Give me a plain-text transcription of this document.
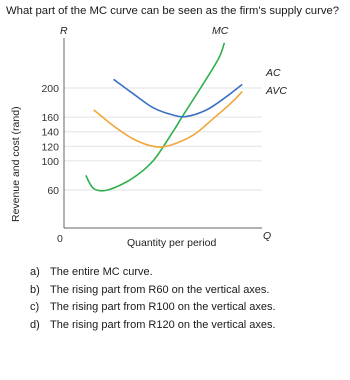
What part of the MC curve can be seen as the firm's supply curve?
200
160
140
120
100
60
MC
AC
AVC
R
0	Q
Quantity per period
Revenue and cost (rand)
a) The entire MC curve.
b) The rising part from R60 on the vertical axes.
c) The rising part from R100 on the vertical axes.
d) The rising part from R120 on the vertical axes.
